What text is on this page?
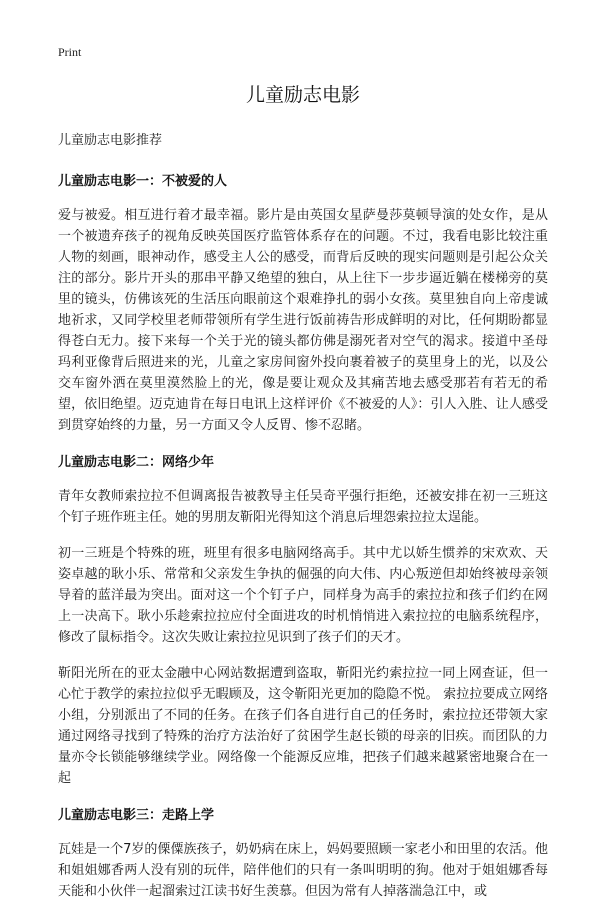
Print
儿童励志电影
儿童励志电影推荐
儿童励志电影一：不被爱的人

爱与被爱。相互进行着才最幸福。影片是由英国女星萨曼莎莫顿导演的处女作，是从一个被遗弃孩子的视角反映英国医疗监管体系存在的问题。不过，我看电影比较注重人物的刻画，眼神动作，感受主人公的感受，而背后反映的现实问题则是引起公众关注的部分。影片开头的那串平静又绝望的独白，从上往下一步步逼近躺在楼梯旁的莫里的镜头，仿佛该死的生活压向眼前这个艰难挣扎的弱小女孩。莫里独自向上帝虔诚地祈求，又同学校里老师带领所有学生进行饭前祷告形成鲜明的对比，任何期盼都显得苍白无力。接下来每一个关于光的镜头都仿佛是溺死者对空气的渴求。接道中圣母玛利亚像背后照进来的光，儿童之家房间窗外投向裹着被子的莫里身上的光，以及公交车窗外洒在莫里漠然脸上的光，像是要让观众及其痛苦地去感受那若有若无的希望，依旧绝望。迈克迪肯在每日电讯上这样评价《不被爱的人》：引人入胜、让人感受到贯穿始终的力量，另一方面又令人反胃、惨不忍睹。

儿童励志电影二：网络少年

青年女教师索拉拉不但调离报告被教导主任吴奇平强行拒绝，还被安排在初一三班这个钉子班作班主任。她的男朋友靳阳光得知这个消息后埋怨索拉拉太逞能。

初一三班是个特殊的班，班里有很多电脑网络高手。其中尤以娇生惯养的宋欢欢、天姿卓越的耿小乐、常常和父亲发生争执的倔强的向大伟、内心叛逆但却始终被母亲领导着的蓝洋最为突出。面对这一个个钉子户，同样身为高手的索拉拉和孩子们约在网上一决高下。耿小乐趁索拉拉应付全面进攻的时机悄悄进入索拉拉的电脑系统程序，修改了鼠标指令。这次失败让索拉拉见识到了孩子们的天才。

靳阳光所在的亚太金融中心网站数据遭到盗取，靳阳光约索拉拉一同上网查证，但一心忙于教学的索拉拉似乎无暇顾及，这令靳阳光更加的隐隐不悦。 索拉拉要成立网络小组，分别派出了不同的任务。在孩子们各自进行自己的任务时，索拉拉还带领大家通过网络寻找到了特殊的治疗方法治好了贫困学生赵长锁的母亲的旧疾。而团队的力量亦令长锁能够继续学业。网络像一个能源反应堆，把孩子们越来越紧密地聚合在一起

儿童励志电影三：走路上学

瓦娃是一个7岁的傈僳族孩子，奶奶病在床上，妈妈要照顾一家老小和田里的农活。他和姐姐娜香两人没有别的玩伴，陪伴他们的只有一条叫明明的狗。他对于姐姐娜香每天能和小伙伴一起溜索过江读书好生羡慕。但因为常有人掉落湍急江中，或
